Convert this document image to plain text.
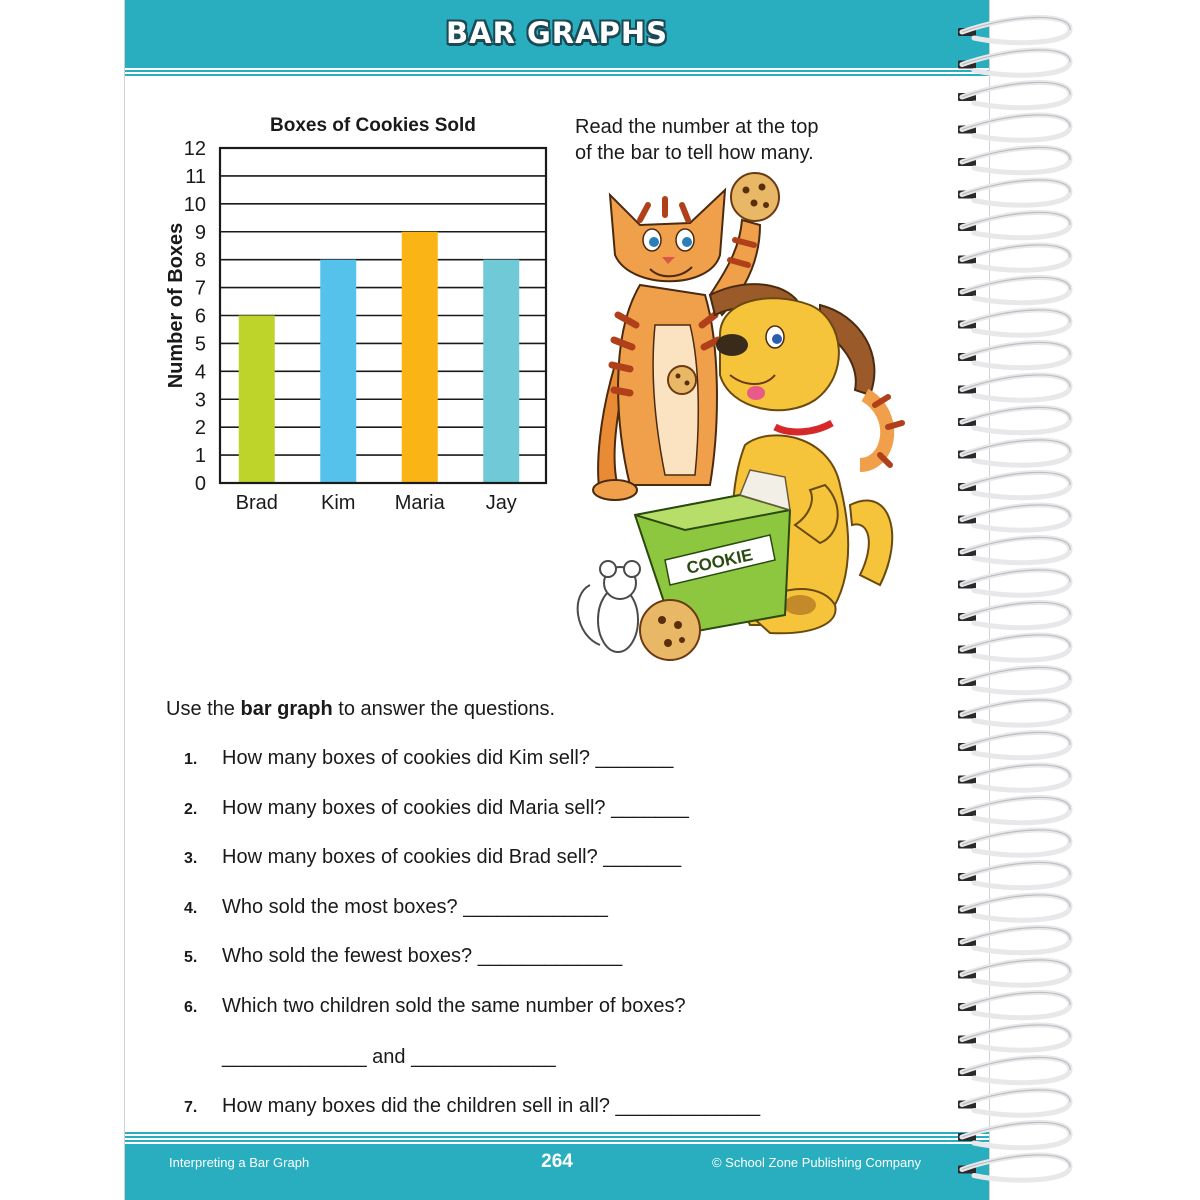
BAR GRAPHS
Interpreting a Bar Graph	264	© School Zone Publishing Company
Boxes of Cookies Sold
0
1
2
3
4
5
6
7
8
9
10
11
12
Brad Kim Maria Jay
Number of Boxes
Read the number at the top
of the bar to tell how many.
COOKIE
Use the bar graph to answer the questions.
1. How many boxes of cookies did Kim sell? _______
2. How many boxes of cookies did Maria sell? _______
3. How many boxes of cookies did Brad sell? _______
4. Who sold the most boxes? _____________
5. Who sold the fewest boxes? _____________
6. Which two children sold the same number of boxes?
_____________ and _____________
7. How many boxes did the children sell in all? _____________
